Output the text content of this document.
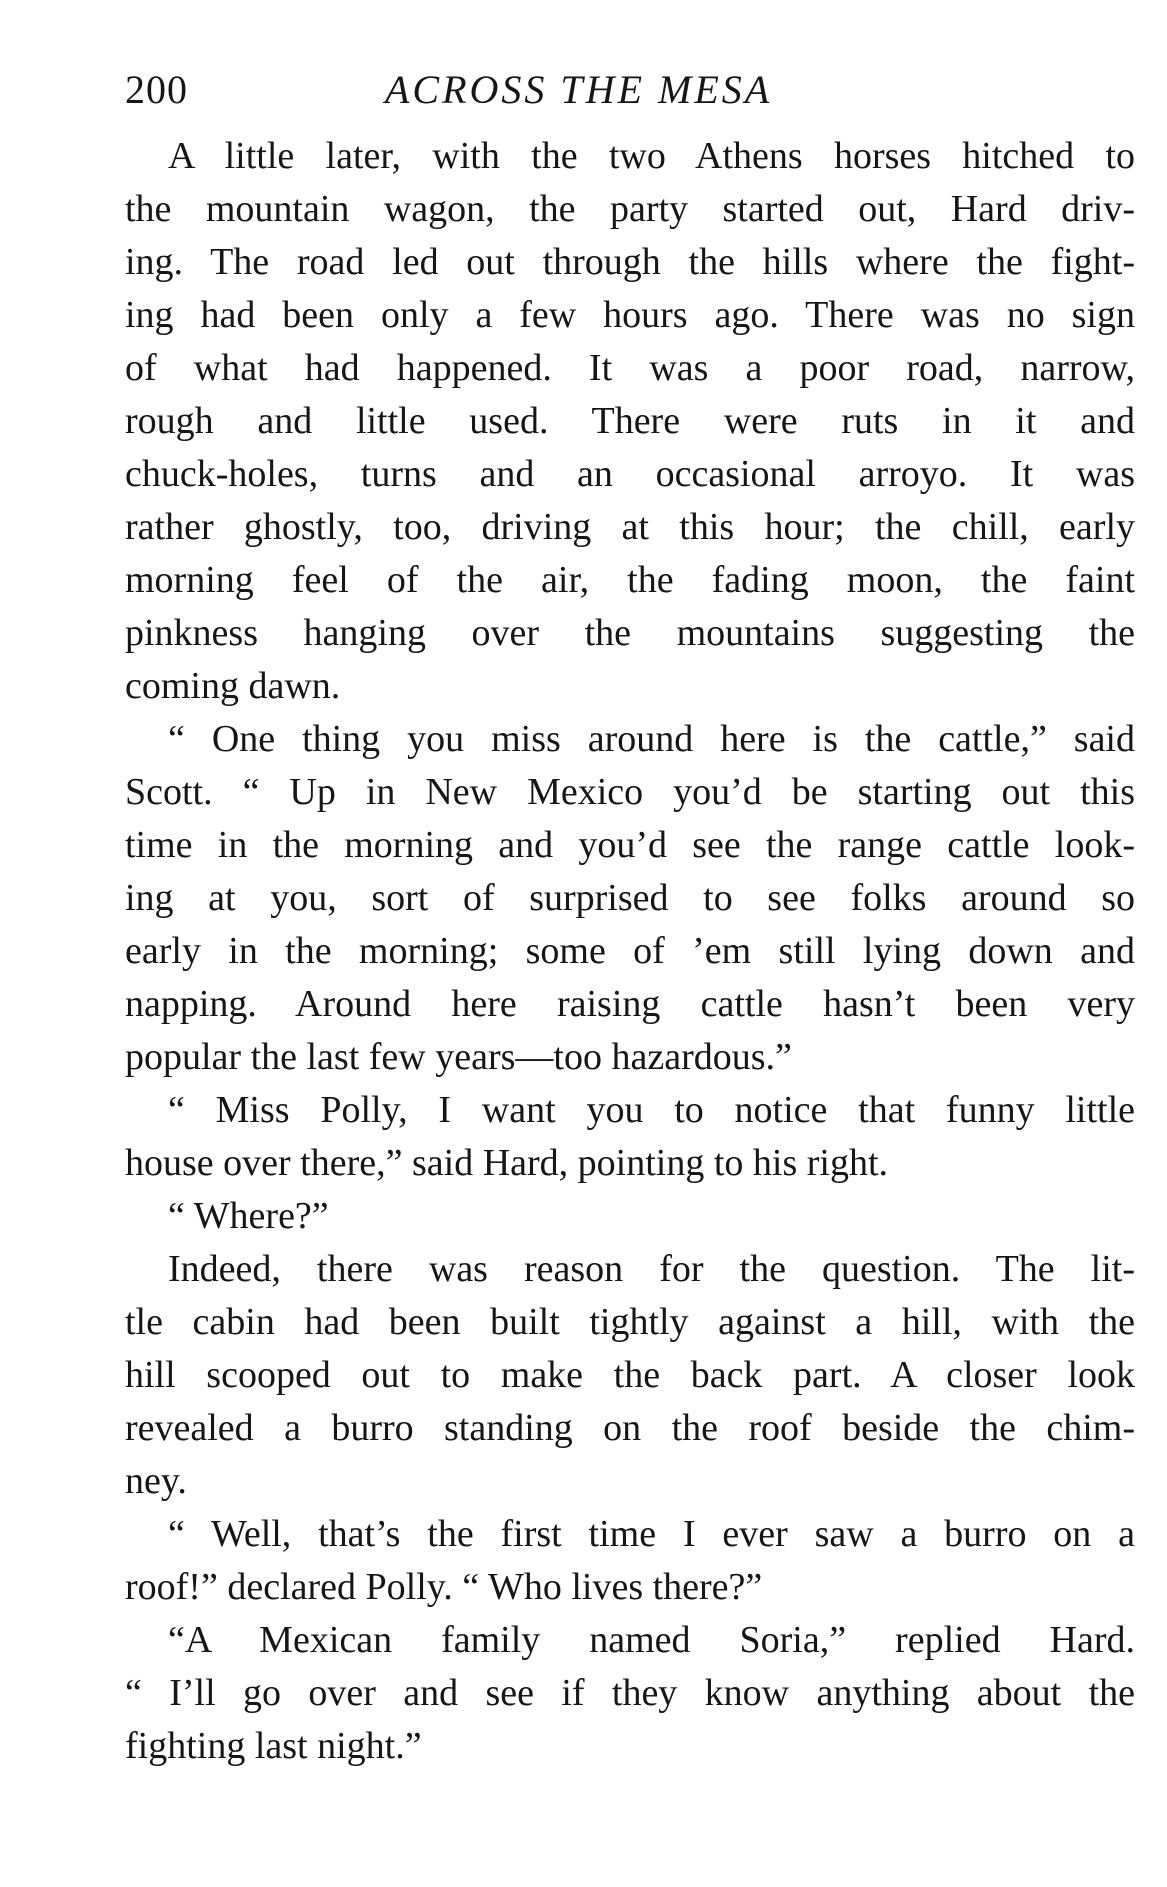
200	ACROSS THE MESA
A little later, with the two Athens horses hitched to
the mountain wagon, the party started out, Hard driv-
ing. The road led out through the hills where the fight-
ing had been only a few hours ago. There was no sign
of what had happened. It was a poor road, narrow,
rough and little used. There were ruts in it and
chuck-holes, turns and an occasional arroyo. It was
rather ghostly, too, driving at this hour; the chill, early
morning feel of the air, the fading moon, the faint
pinkness hanging over the mountains suggesting the
coming dawn.
“ One thing you miss around here is the cattle,” said
Scott. “ Up in New Mexico you’d be starting out this
time in the morning and you’d see the range cattle look-
ing at you, sort of surprised to see folks around so
early in the morning; some of ’em still lying down and
napping. Around here raising cattle hasn’t been very
popular the last few years—too hazardous.”
“ Miss Polly, I want you to notice that funny little
house over there,” said Hard, pointing to his right.
“ Where?”
Indeed, there was reason for the question. The lit-
tle cabin had been built tightly against a hill, with the
hill scooped out to make the back part. A closer look
revealed a burro standing on the roof beside the chim-
ney.
“ Well, that’s the first time I ever saw a burro on a
roof!” declared Polly. “ Who lives there?”
“A Mexican family named Soria,” replied Hard.
“ I’ll go over and see if they know anything about the
fighting last night.”
